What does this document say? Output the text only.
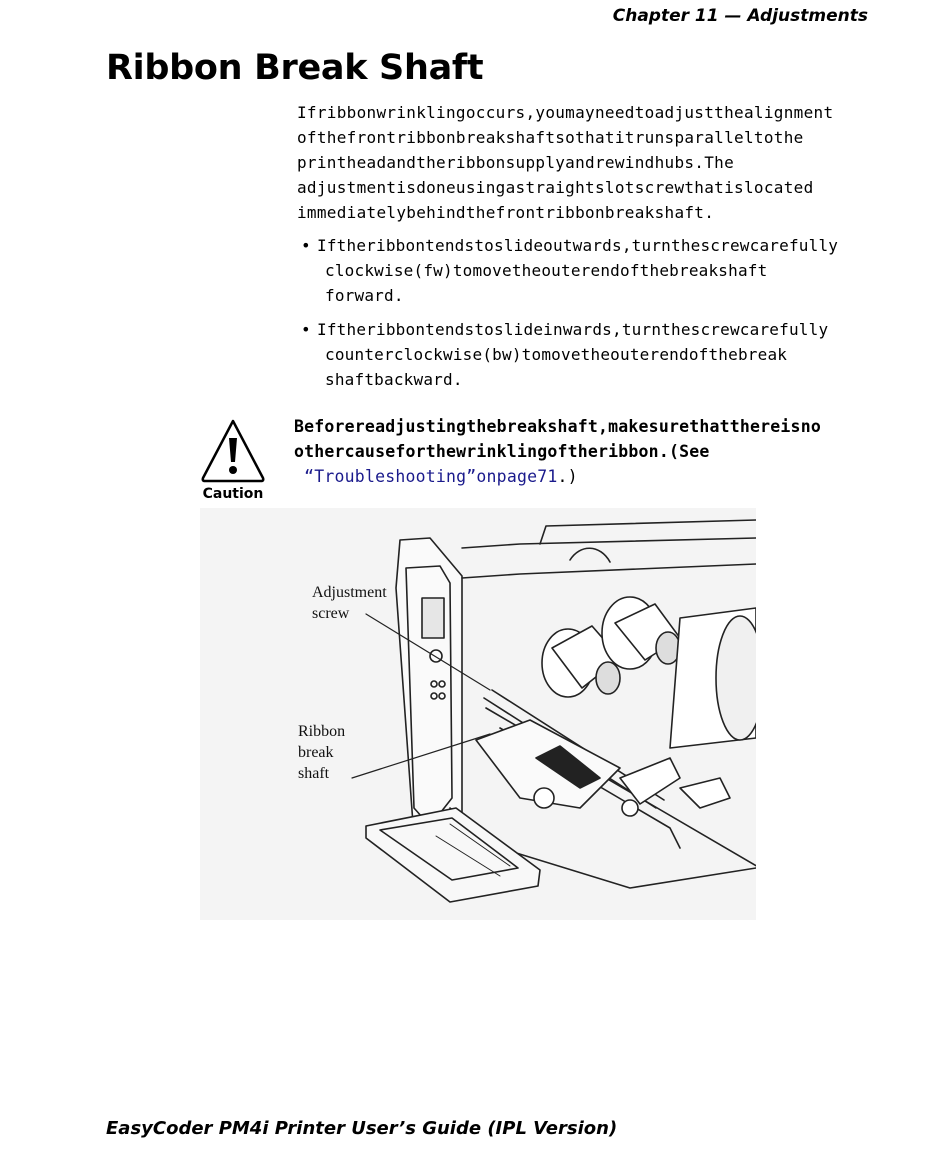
Chapter 11 — Adjustments
Ribbon Break Shaft
Ifribbonwrinklingoccurs,youmayneedtoadjustthealignment
ofthefrontribbonbreakshaftsothatitrunsparalleltothe
printheadandtheribbonsupplyandrewindhubs.The
adjustmentisdoneusingastraightslotscrewthatislocated
immediatelybehindthefrontribbonbreakshaft.
• Iftheribbontendstoslideoutwards,turnthescrewcarefully
clockwise(fw)tomovetheouterendofthebreakshaft
forward.
• Iftheribbontendstoslideinwards,turnthescrewcarefully
counterclockwise(bw)tomovetheouterendofthebreak
shaftbackward.
Caution
Beforereadjustingthebreakshaft,makesurethatthereisno
othercauseforthewrinklingoftheribbon.(See
“Troubleshooting”onpage71.)
Adjustment
screw
Ribbon
break
shaft
EasyCoder PM4i Printer User’s Guide (IPL Version)
